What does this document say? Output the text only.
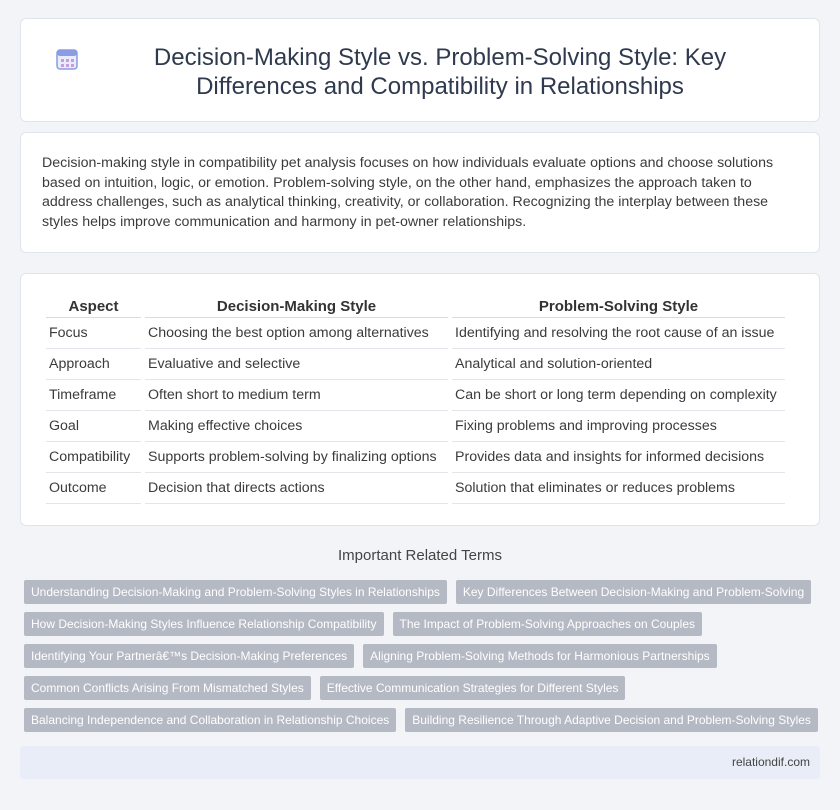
Decision-Making Style vs. Problem-Solving Style: Key Differences and Compatibility in Relationships

Decision-making style in compatibility pet analysis focuses on how individuals evaluate options and choose solutions based on intuition, logic, or emotion. Problem-solving style, on the other hand, emphasizes the approach taken to address challenges, such as analytical thinking, creativity, or collaboration. Recognizing the interplay between these styles helps improve communication and harmony in pet-owner relationships.

Aspect	Decision-Making Style	Problem-Solving Style
Focus	Choosing the best option among alternatives	Identifying and resolving the root cause of an issue
Approach	Evaluative and selective	Analytical and solution-oriented
Timeframe	Often short to medium term	Can be short or long term depending on complexity
Goal	Making effective choices	Fixing problems and improving processes
Compatibility	Supports problem-solving by finalizing options	Provides data and insights for informed decisions
Outcome	Decision that directs actions	Solution that eliminates or reduces problems
Important Related Terms
Understanding Decision-Making and Problem-Solving Styles in Relationships	Key Differences Between Decision-Making and Problem-Solving
How Decision-Making Styles Influence Relationship Compatibility	The Impact of Problem-Solving Approaches on Couples
Identifying Your Partnerâ€™s Decision-Making Preferences	Aligning Problem-Solving Methods for Harmonious Partnerships
Common Conflicts Arising From Mismatched Styles	Effective Communication Strategies for Different Styles
Balancing Independence and Collaboration in Relationship Choices	Building Resilience Through Adaptive Decision and Problem-Solving Styles
relationdif.com
